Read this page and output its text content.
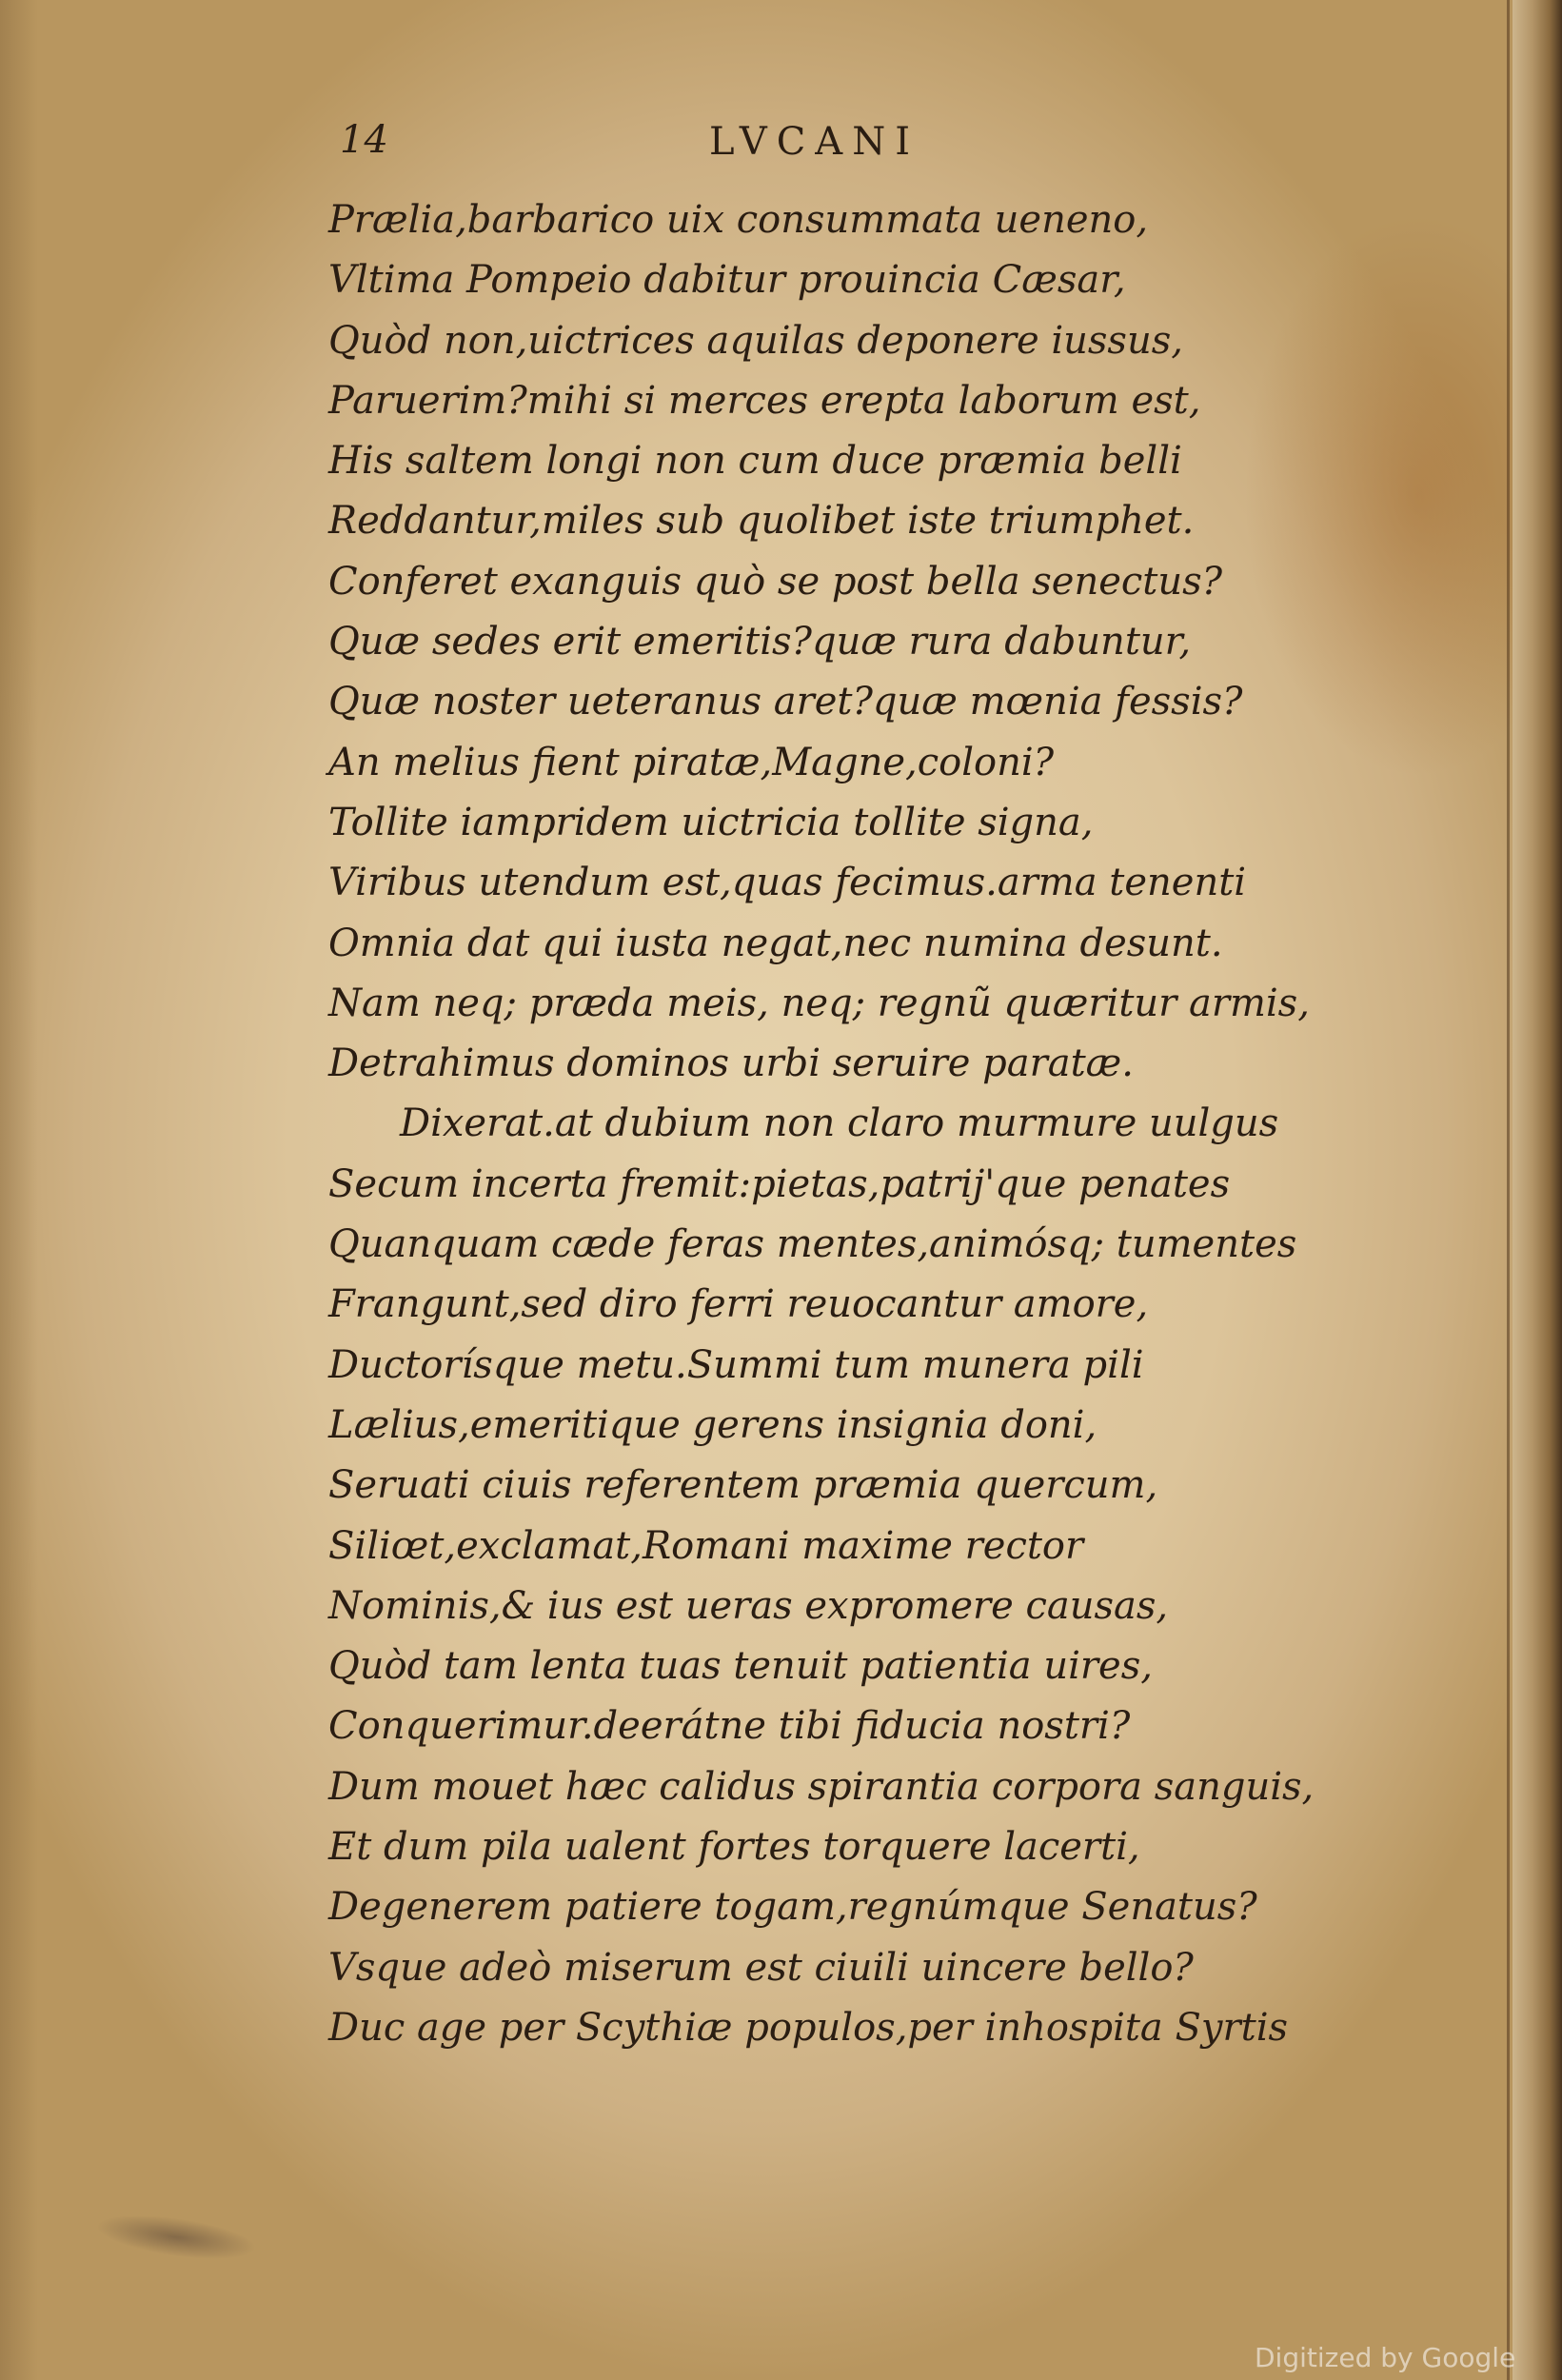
14	LVCANI
Prælia,barbarico uix consummata ueneno,
Vltima Pompeio dabitur prouincia Cæsar,
Quòd non,uictrices aquilas deponere iussus,
Paruerim?mihi si merces erepta laborum est,
His saltem longi non cum duce præmia belli
Reddantur,miles sub quolibet iste triumphet.
Conferet exanguis quò se post bella senectus?
Quæ sedes erit emeritis?quæ rura dabuntur,
Quæ noster ueteranus aret?quæ mœnia fessis?
An melius fient piratæ,Magne,coloni?
Tollite iampridem uictricia tollite signa,
Viribus utendum est,quas fecimus.arma tenenti
Omnia dat qui iusta negat,nec numina desunt.
Nam neq; præda meis, neq; regnũ quæritur armis,
Detrahimus dominos urbi seruire paratæ.
Dixerat.at dubium non claro murmure uulgus
Secum incerta fremit:pietas,patrij'que penates
Quanquam cæde feras mentes,animósq; tumentes
Frangunt,sed diro ferri reuocantur amore,
Ductorísque metu.Summi tum munera pili
Lælius,emeritique gerens insignia doni,
Seruati ciuis referentem præmia quercum,
Siliœt,exclamat,Romani maxime rector
Nominis,& ius est ueras expromere causas,
Quòd tam lenta tuas tenuit patientia uires,
Conquerimur.deerátne tibi fiducia nostri?
Dum mouet hæc calidus spirantia corpora sanguis,
Et dum pila ualent fortes torquere lacerti,
Degenerem patiere togam,regnúmque Senatus?
Vsque adeò miserum est ciuili uincere bello?
Duc age per Scythiæ populos,per inhospita Syrtis
Digitized by Google
